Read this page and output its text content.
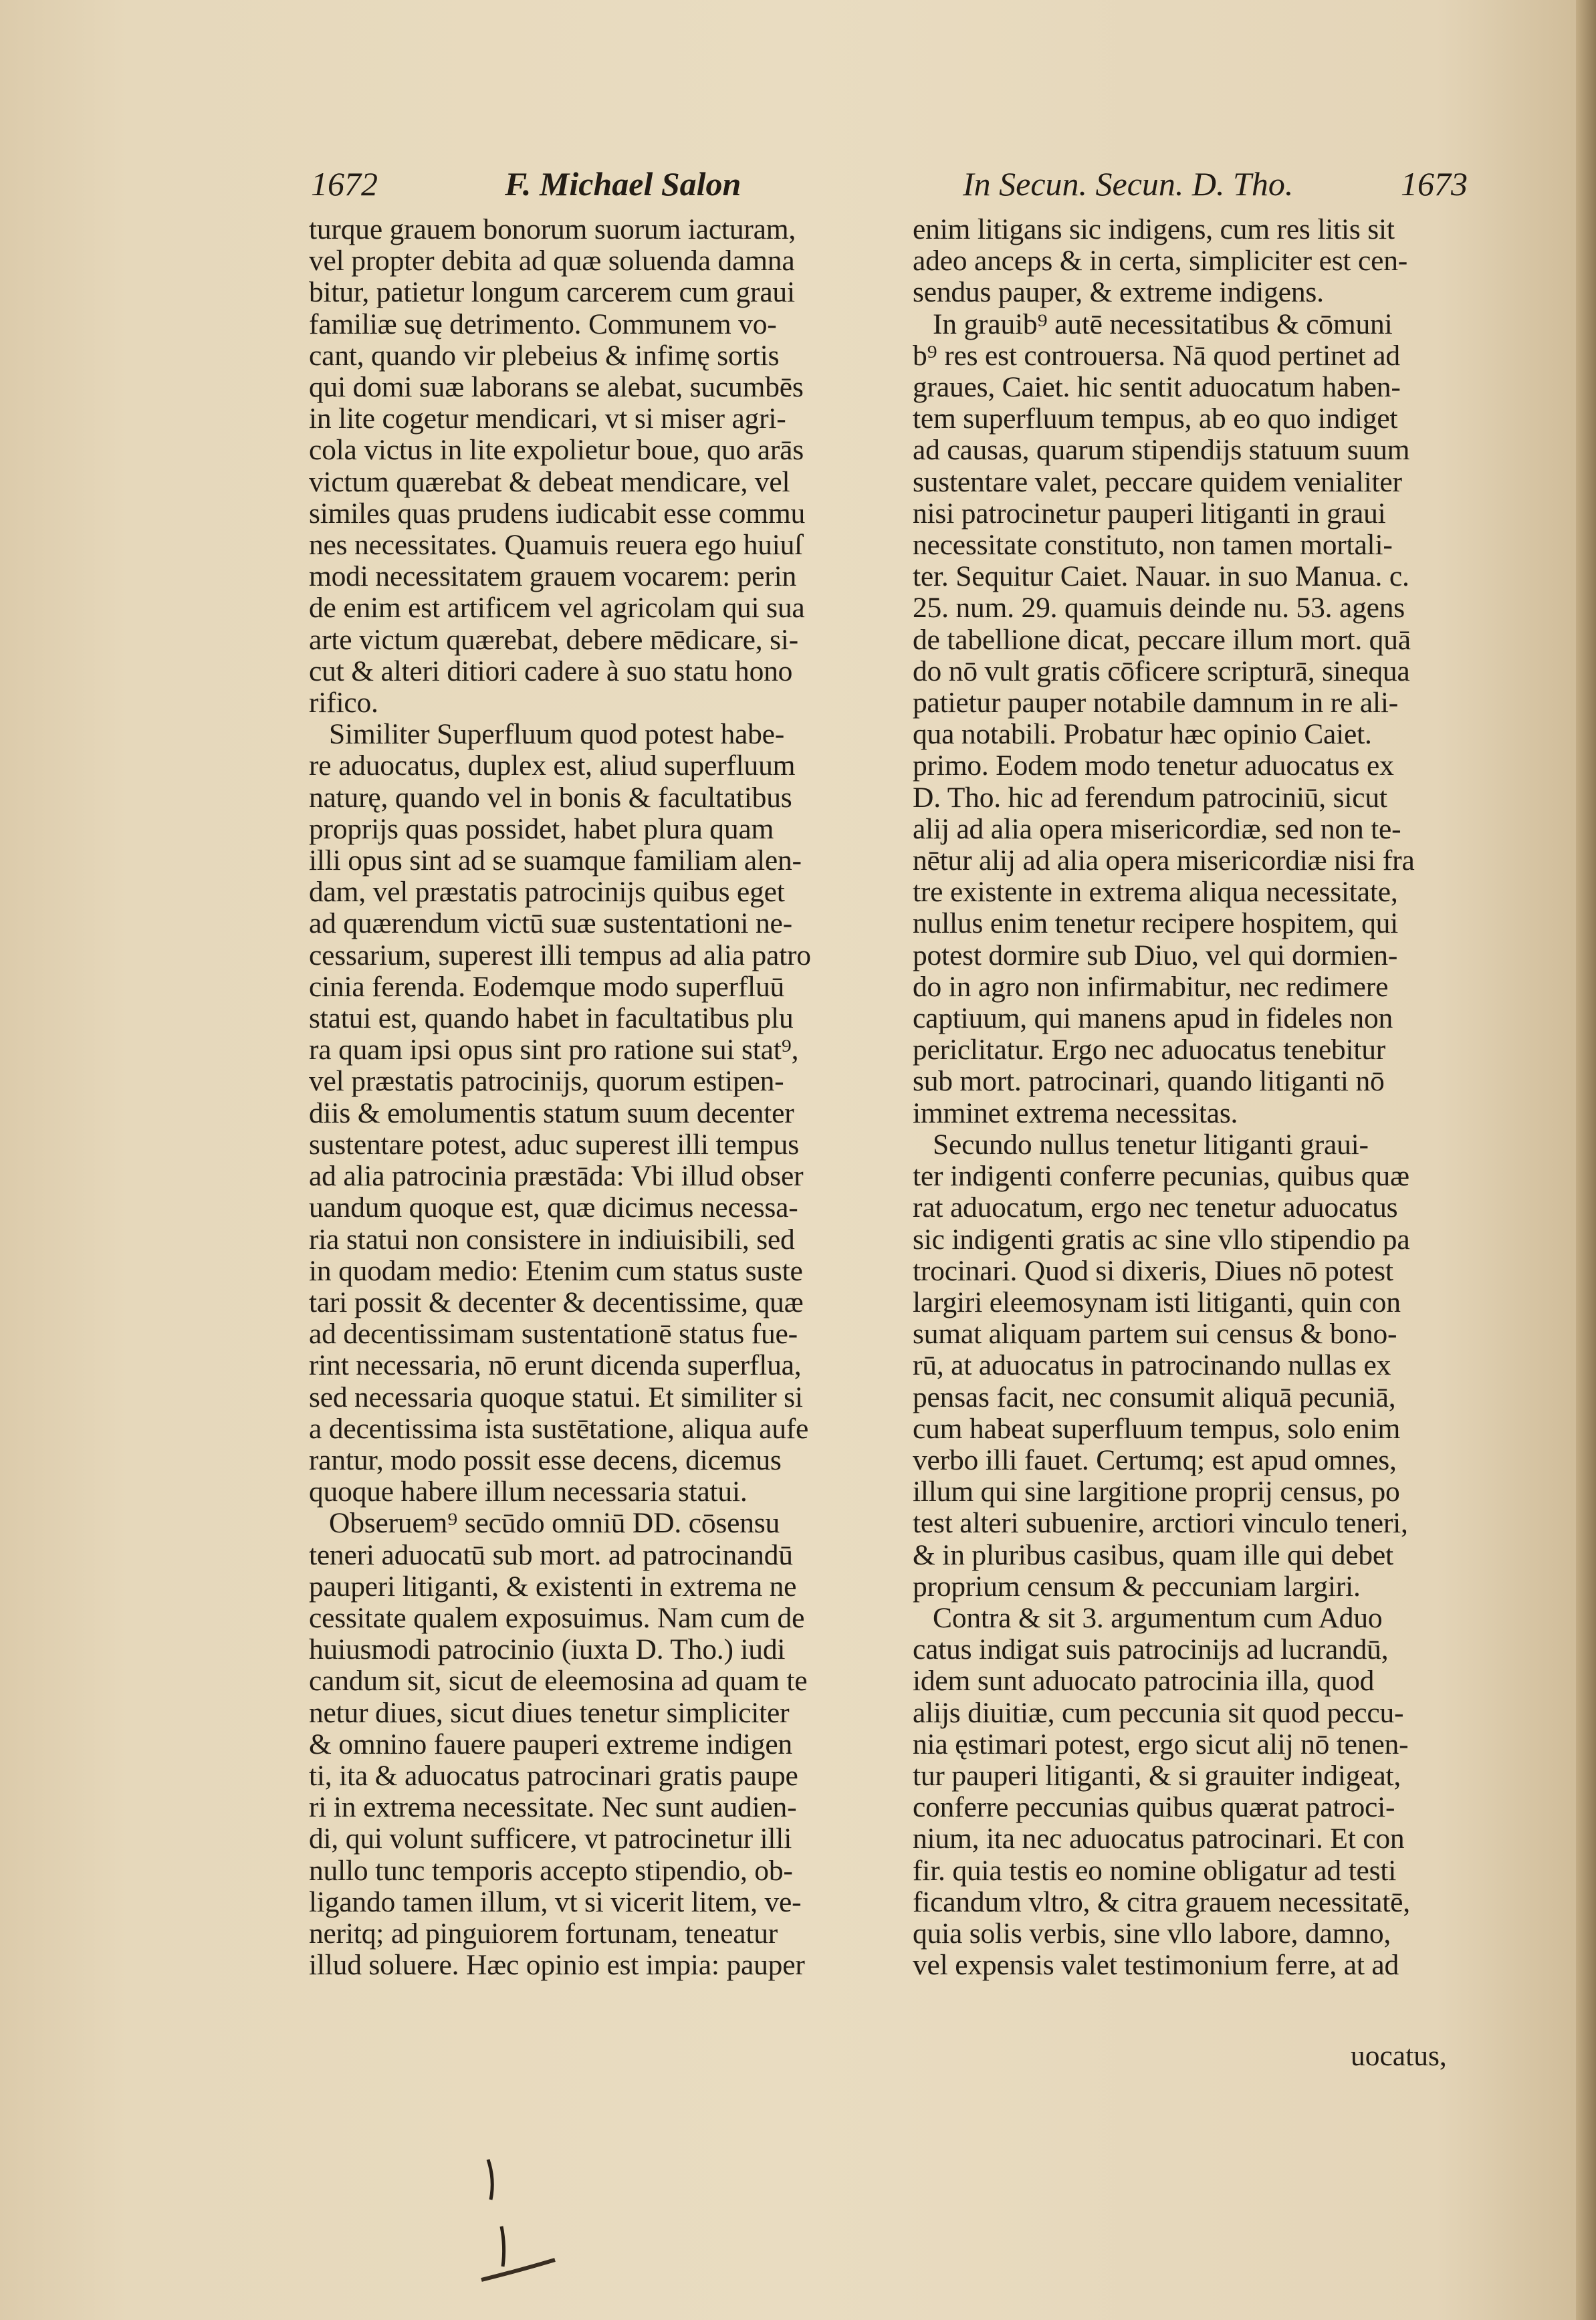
1672	F. Michael Salon	In Secun. Secun. D. Tho.	1673
turque grauem bonorum suorum iacturam,
vel propter debita ad quæ soluenda damna
bitur, patietur longum carcerem cum graui
familiæ suę detrimento. Communem vo-
cant, quando vir plebeius & infimę sortis
qui domi suæ laborans se alebat, sucumbēs
in lite cogetur mendicari, vt si miser agri-
cola victus in lite expolietur boue, quo arās
victum quærebat & debeat mendicare, vel
similes quas prudens iudicabit esse commu
nes necessitates. Quamuis reuera ego huiuſ
modi necessitatem grauem vocarem: perin
de enim est artificem vel agricolam qui sua
arte victum quærebat, debere mēdicare, si-
cut & alteri ditiori cadere à suo statu hono
rifico.
Similiter Superfluum quod potest habe-
re aduocatus, duplex est, aliud superfluum
naturę, quando vel in bonis & facultatibus
proprijs quas possidet, habet plura quam
illi opus sint ad se suamque familiam alen-
dam, vel præstatis patrocinijs quibus eget
ad quærendum victū suæ sustentationi ne-
cessarium, superest illi tempus ad alia patro
cinia ferenda. Eodemque modo superfluū
statui est, quando habet in facultatibus plu
ra quam ipsi opus sint pro ratione sui stat⁹,
vel præstatis patrocinijs, quorum estipen-
diis & emolumentis statum suum decenter
sustentare potest, aduc superest illi tempus
ad alia patrocinia præstāda: Vbi illud obser
uandum quoque est, quæ dicimus necessa-
ria statui non consistere in indiuisibili, sed
in quodam medio: Etenim cum status suste
tari possit & decenter & decentissime, quæ
ad decentissimam sustentationē status fue-
rint necessaria, nō erunt dicenda superflua,
sed necessaria quoque statui. Et similiter si
a decentissima ista sustētatione, aliqua aufe
rantur, modo possit esse decens, dicemus
quoque habere illum necessaria statui.
Obseruem⁹ secūdo omniū DD. cōsensu
teneri aduocatū sub mort. ad patrocinandū
pauperi litiganti, & existenti in extrema ne
cessitate qualem exposuimus. Nam cum de
huiusmodi patrocinio (iuxta D. Tho.) iudi
candum sit, sicut de eleemosina ad quam te
netur diues, sicut diues tenetur simpliciter
& omnino fauere pauperi extreme indigen
ti, ita & aduocatus patrocinari gratis paupe
ri in extrema necessitate. Nec sunt audien-
di, qui volunt sufficere, vt patrocinetur illi
nullo tunc temporis accepto stipendio, ob-
ligando tamen illum, vt si vicerit litem, ve-
neritq; ad pinguiorem fortunam, teneatur
illud soluere. Hæc opinio est impia: pauper
enim litigans sic indigens, cum res litis sit
adeo anceps & in certa, simpliciter est cen-
sendus pauper, & extreme indigens.
In grauib⁹ autē necessitatibus & cōmuni
b⁹ res est controuersa. Nā quod pertinet ad
graues, Caiet. hic sentit aduocatum haben-
tem superfluum tempus, ab eo quo indiget
ad causas, quarum stipendijs statuum suum
sustentare valet, peccare quidem venialiter
nisi patrocinetur pauperi litiganti in graui
necessitate constituto, non tamen mortali-
ter. Sequitur Caiet. Nauar. in suo Manua. c.
25. num. 29. quamuis deinde nu. 53. agens
de tabellione dicat, peccare illum mort. quā
do nō vult gratis cōficere scripturā, sinequa
patietur pauper notabile damnum in re ali-
qua notabili. Probatur hæc opinio Caiet.
primo. Eodem modo tenetur aduocatus ex
D. Tho. hic ad ferendum patrociniū, sicut
alij ad alia opera misericordiæ, sed non te-
nētur alij ad alia opera misericordiæ nisi fra
tre existente in extrema aliqua necessitate,
nullus enim tenetur recipere hospitem, qui
potest dormire sub Diuo, vel qui dormien-
do in agro non infirmabitur, nec redimere
captiuum, qui manens apud in fideles non
periclitatur. Ergo nec aduocatus tenebitur
sub mort. patrocinari, quando litiganti nō
imminet extrema necessitas.
Secundo nullus tenetur litiganti graui-
ter indigenti conferre pecunias, quibus quæ
rat aduocatum, ergo nec tenetur aduocatus
sic indigenti gratis ac sine vllo stipendio pa
trocinari. Quod si dixeris, Diues nō potest
largiri eleemosynam isti litiganti, quin con
sumat aliquam partem sui census & bono-
rū, at aduocatus in patrocinando nullas ex
pensas facit, nec consumit aliquā pecuniā,
cum habeat superfluum tempus, solo enim
verbo illi fauet. Certumq; est apud omnes,
illum qui sine largitione proprij census, po
test alteri subuenire, arctiori vinculo teneri,
& in pluribus casibus, quam ille qui debet
proprium censum & peccuniam largiri.
Contra & sit 3. argumentum cum Aduo
catus indigat suis patrocinijs ad lucrandū,
idem sunt aduocato patrocinia illa, quod
alijs diuitiæ, cum peccunia sit quod peccu-
nia ęstimari potest, ergo sicut alij nō tenen-
tur pauperi litiganti, & si grauiter indigeat,
conferre peccunias quibus quærat patroci-
nium, ita nec aduocatus patrocinari. Et con
fir. quia testis eo nomine obligatur ad testi
ficandum vltro, & citra grauem necessitatē,
quia solis verbis, sine vllo labore, damno,
vel expensis valet testimonium ferre, at ad
uocatus,
